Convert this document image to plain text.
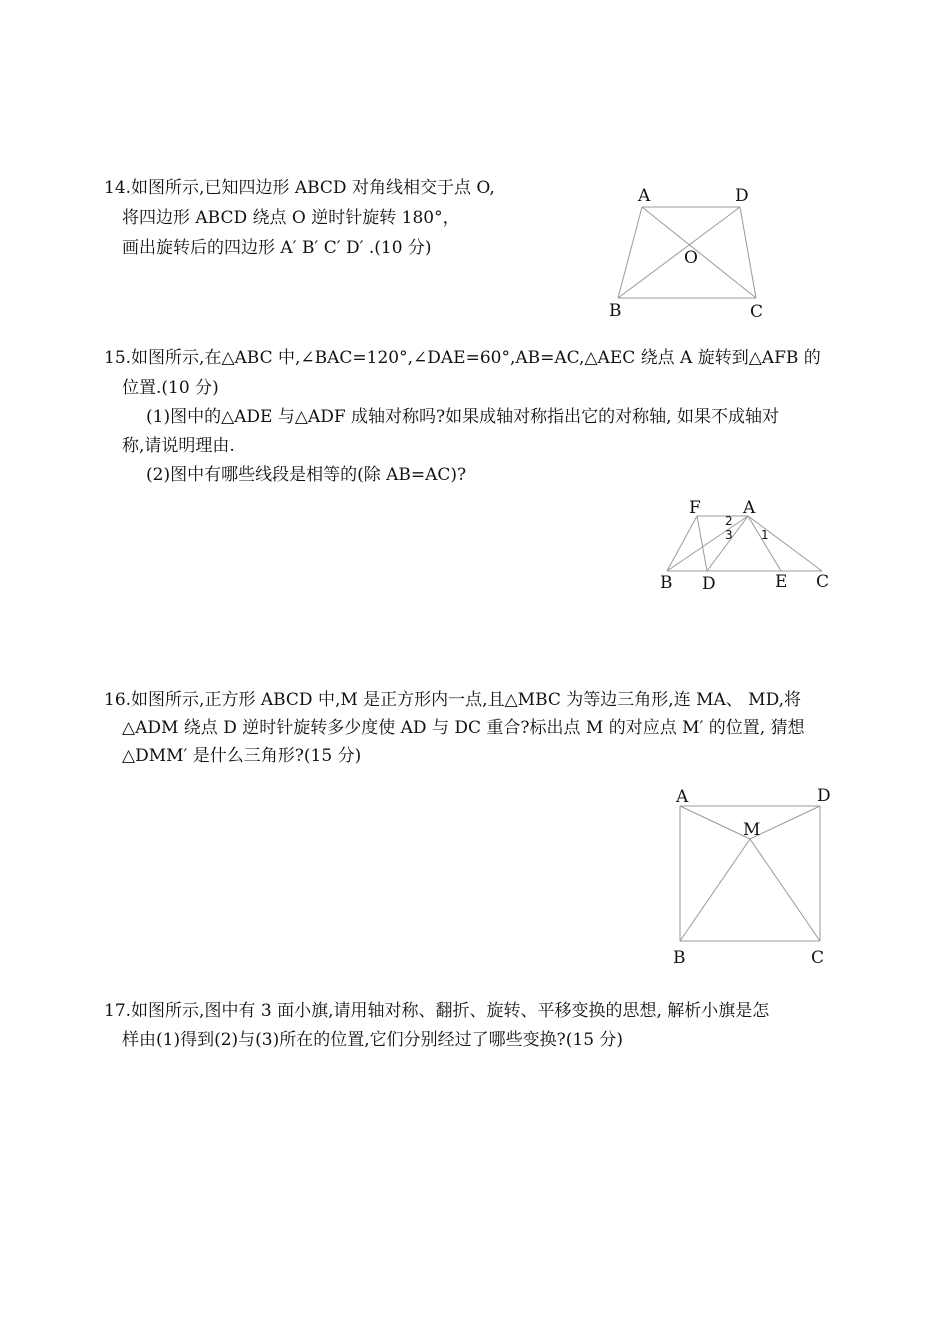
14.如图所示,已知四边形 ABCD 对角线相交于点 O,
将四边形 ABCD 绕点 O 逆时针旋转 180°，
画出旋转后的四边形 A′ B′ C′ D′ .(10 分)
A	D
O
B	C
15.如图所示,在△ABC 中,∠BAC=120°,∠DAE=60°,AB=AC,△AEC 绕点 A 旋转到△AFB 的
位置.(10 分)
(1)图中的△ADE 与△ADF 成轴对称吗?如果成轴对称指出它的对称轴, 如果不成轴对
称,请说明理由.
(2)图中有哪些线段是相等的(除 AB=AC)?
F A
2
3 1
B D	E C
16.如图所示,正方形 ABCD 中,M 是正方形内一点,且△MBC 为等边三角形,连 MA、 MD,将
△ADM 绕点 D 逆时针旋转多少度使 AD 与 DC 重合?标出点 M 的对应点 M′ 的位置, 猜想
△DMM′ 是什么三角形?(15 分)
A	D
M
B	C
17.如图所示,图中有 3 面小旗,请用轴对称、翻折、旋转、平移变换的思想, 解析小旗是怎
样由(1)得到(2)与(3)所在的位置,它们分别经过了哪些变换?(15 分)
